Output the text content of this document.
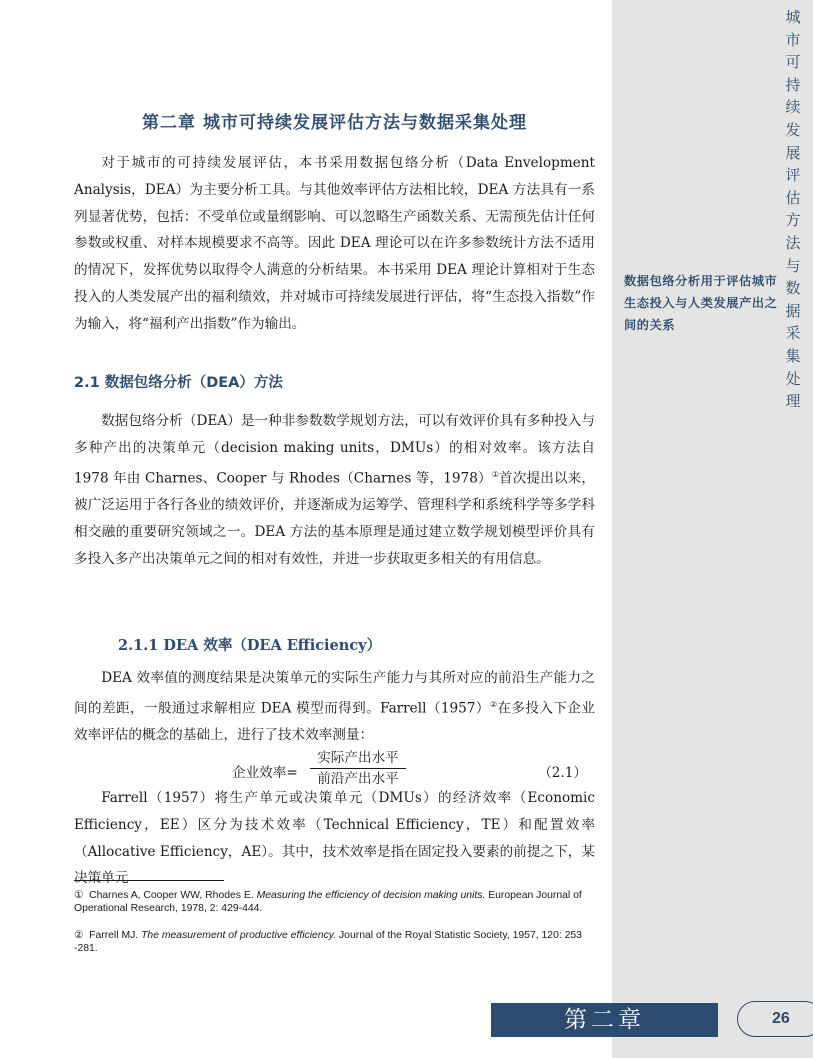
城市可持续发展评估方法与数据采集处理
数据包络分析用于评估城市生态投入与人类发展产出之间的关系
第二章 城市可持续发展评估方法与数据采集处理

对于城市的可持续发展评估，本书采用数据包络分析（Data Envelopment Analysis，DEA）为主要分析工具。与其他效率评估方法相比较，DEA 方法具有一系列显著优势，包括：不受单位或量纲影响、可以忽略生产函数关系、无需预先估计任何参数或权重、对样本规模要求不高等。因此 DEA 理论可以在许多参数统计方法不适用的情况下，发挥优势以取得令人满意的分析结果。本书采用 DEA 理论计算相对于生态投入的人类发展产出的福利绩效，并对城市可持续发展进行评估，将“生态投入指数”作为输入，将“福利产出指数”作为输出。

2.1 数据包络分析（DEA）方法

数据包络分析（DEA）是一种非参数数学规划方法，可以有效评价具有多种投入与多种产出的决策单元（decision making units，DMUs）的相对效率。该方法自 1978 年由 Charnes、Cooper 与 Rhodes（Charnes 等，1978）①首次提出以来，被广泛运用于各行各业的绩效评价，并逐渐成为运筹学、管理科学和系统科学等多学科相交融的重要研究领域之一。DEA 方法的基本原理是通过建立数学规划模型评价具有多投入多产出决策单元之间的相对有效性，并进一步获取更多相关的有用信息。

2.1.1 DEA 效率（DEA Efficiency）

DEA 效率值的测度结果是决策单元的实际生产能力与其所对应的前沿生产能力之间的差距，一般通过求解相应 DEA 模型而得到。Farrell（1957）②在多投入下企业效率评估的概念的基础上，进行了技术效率测量：

企业效率=
实际产出水平
前沿产出水平	（2.1）

Farrell（1957）将生产单元或决策单元（DMUs）的经济效率（Economic Efficiency，EE）区分为技术效率（Technical Efficiency，TE）和配置效率（Allocative Efficiency，AE）。其中，技术效率是指在固定投入要素的前提之下，某决策单元

① Charnes A, Cooper WW, Rhodes E. Measuring the efficiency of decision making units. European Journal of Operational Research, 1978, 2: 429-444.

② Farrell MJ. The measurement of productive efficiency. Journal of the Royal Statistic Society, 1957, 120: 253 -281.

第二章	26
